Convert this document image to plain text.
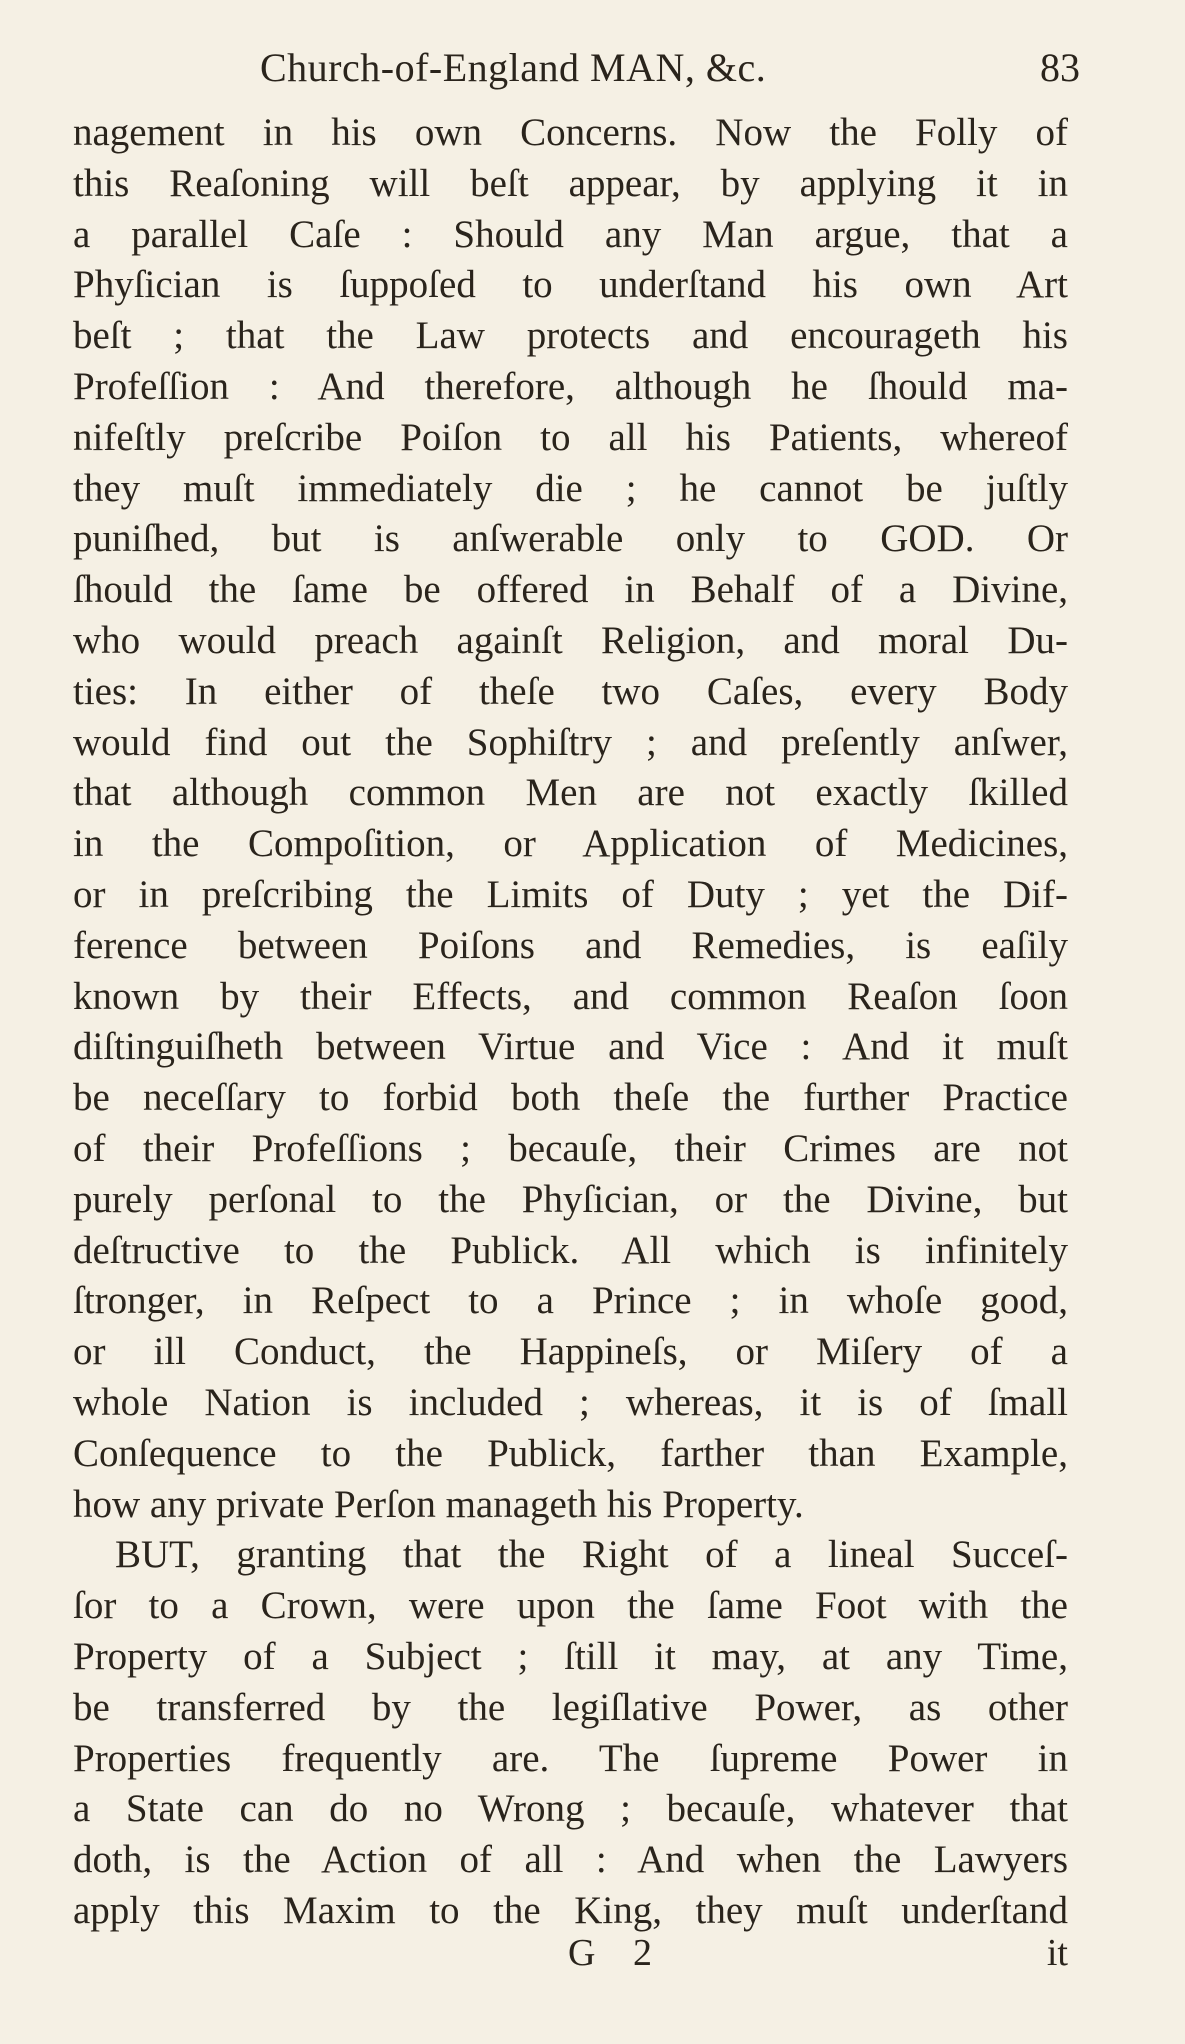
Church-of-England MAN, &c.	83
nagement in his own Concerns. Now the Folly of
this Reaſoning will beſt appear, by applying it in
a parallel Caſe : Should any Man argue, that a
Phyſician is ſuppoſed to underſtand his own Art
beſt ; that the Law protects and encourageth his
Profeſſion : And therefore, although he ſhould ma-
nifeſtly preſcribe Poiſon to all his Patients, whereof
they muſt immediately die ; he cannot be juſtly
puniſhed, but is anſwerable only to GOD. Or
ſhould the ſame be offered in Behalf of a Divine,
who would preach againſt Religion, and moral Du-
ties: In either of theſe two Caſes, every Body
would find out the Sophiſtry ; and preſently anſwer,
that although common Men are not exactly ſkilled
in the Compoſition, or Application of Medicines,
or in preſcribing the Limits of Duty ; yet the Dif-
ference between Poiſons and Remedies, is eaſily
known by their Effects, and common Reaſon ſoon
diſtinguiſheth between Virtue and Vice : And it muſt
be neceſſary to forbid both theſe the further Practice
of their Profeſſions ; becauſe, their Crimes are not
purely perſonal to the Phyſician, or the Divine, but
deſtructive to the Publick. All which is infinitely
ſtronger, in Reſpect to a Prince ; in whoſe good,
or ill Conduct, the Happineſs, or Miſery of a
whole Nation is included ; whereas, it is of ſmall
Conſequence to the Publick, farther than Example,
how any private Perſon manageth his Property.
BUT, granting that the Right of a lineal Succeſ-
ſor to a Crown, were upon the ſame Foot with the
Property of a Subject ; ſtill it may, at any Time,
be transferred by the legiſlative Power, as other
Properties frequently are. The ſupreme Power in
a State can do no Wrong ; becauſe, whatever that
doth, is the Action of all : And when the Lawyers
apply this Maxim to the King, they muſt underſtand
G 2	it
